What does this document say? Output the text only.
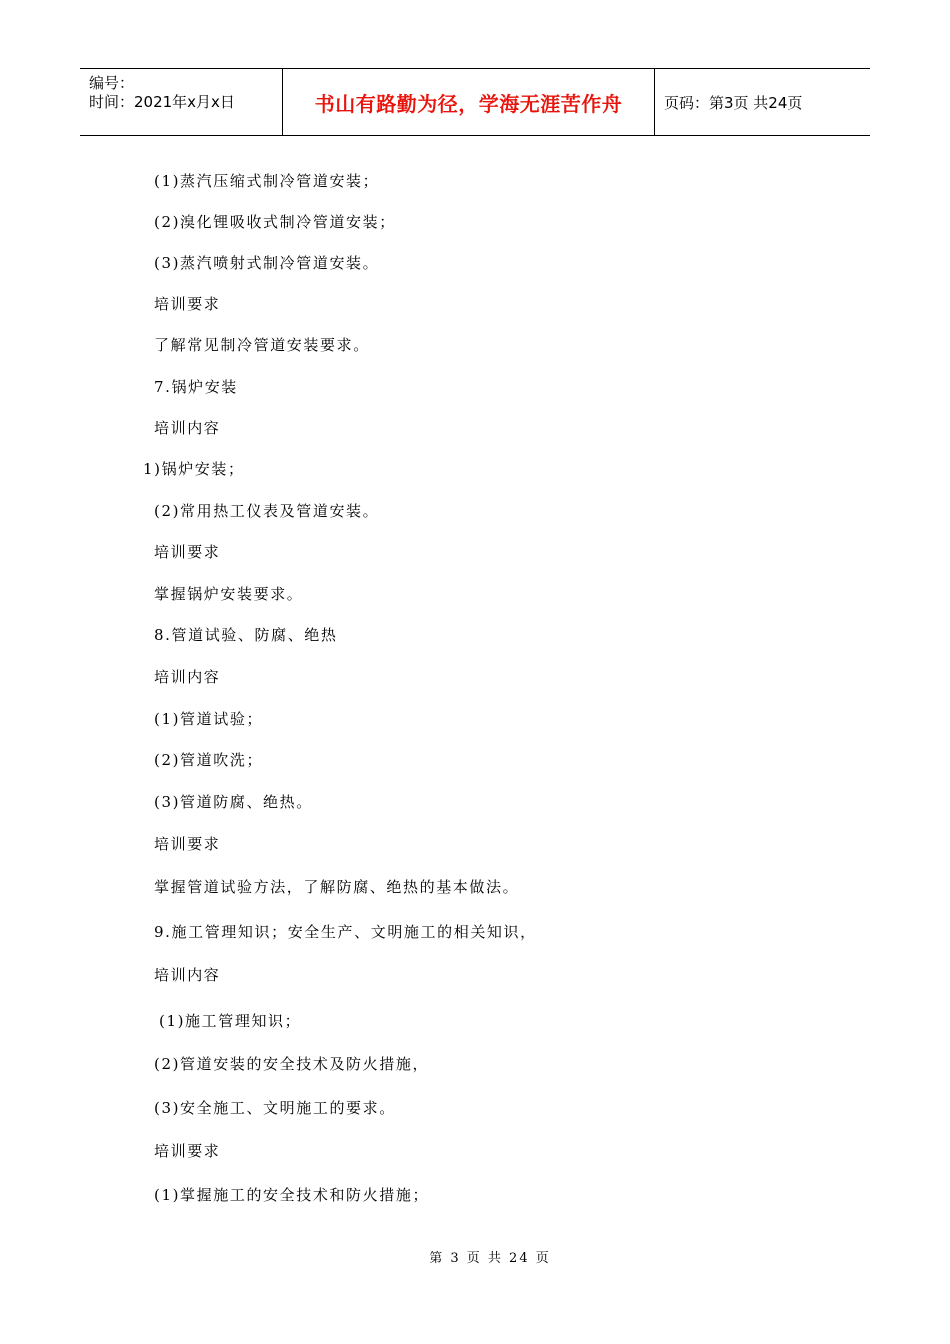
编号：
时间：2021年x月x日	书山有路勤为径，学海无涯苦作舟	页码：第3页 共24页
(1)蒸汽压缩式制冷管道安装；
(2)溴化锂吸收式制冷管道安装；
(3)蒸汽喷射式制冷管道安装。
培训要求
了解常见制冷管道安装要求。
7.锅炉安装
培训内容
1)锅炉安装；
(2)常用热工仪表及管道安装。
培训要求
掌握锅炉安装要求。
8.管道试验、防腐、绝热
培训内容
(1)管道试验；
(2)管道吹洗；
(3)管道防腐、绝热。
培训要求
掌握管道试验方法，了解防腐、绝热的基本做法。
9.施工管理知识；安全生产、文明施工的相关知识，
培训内容
(1)施工管理知识；
(2)管道安装的安全技术及防火措施，
(3)安全施工、文明施工的要求。
培训要求
(1)掌握施工的安全技术和防火措施；
第 3 页 共 24 页
